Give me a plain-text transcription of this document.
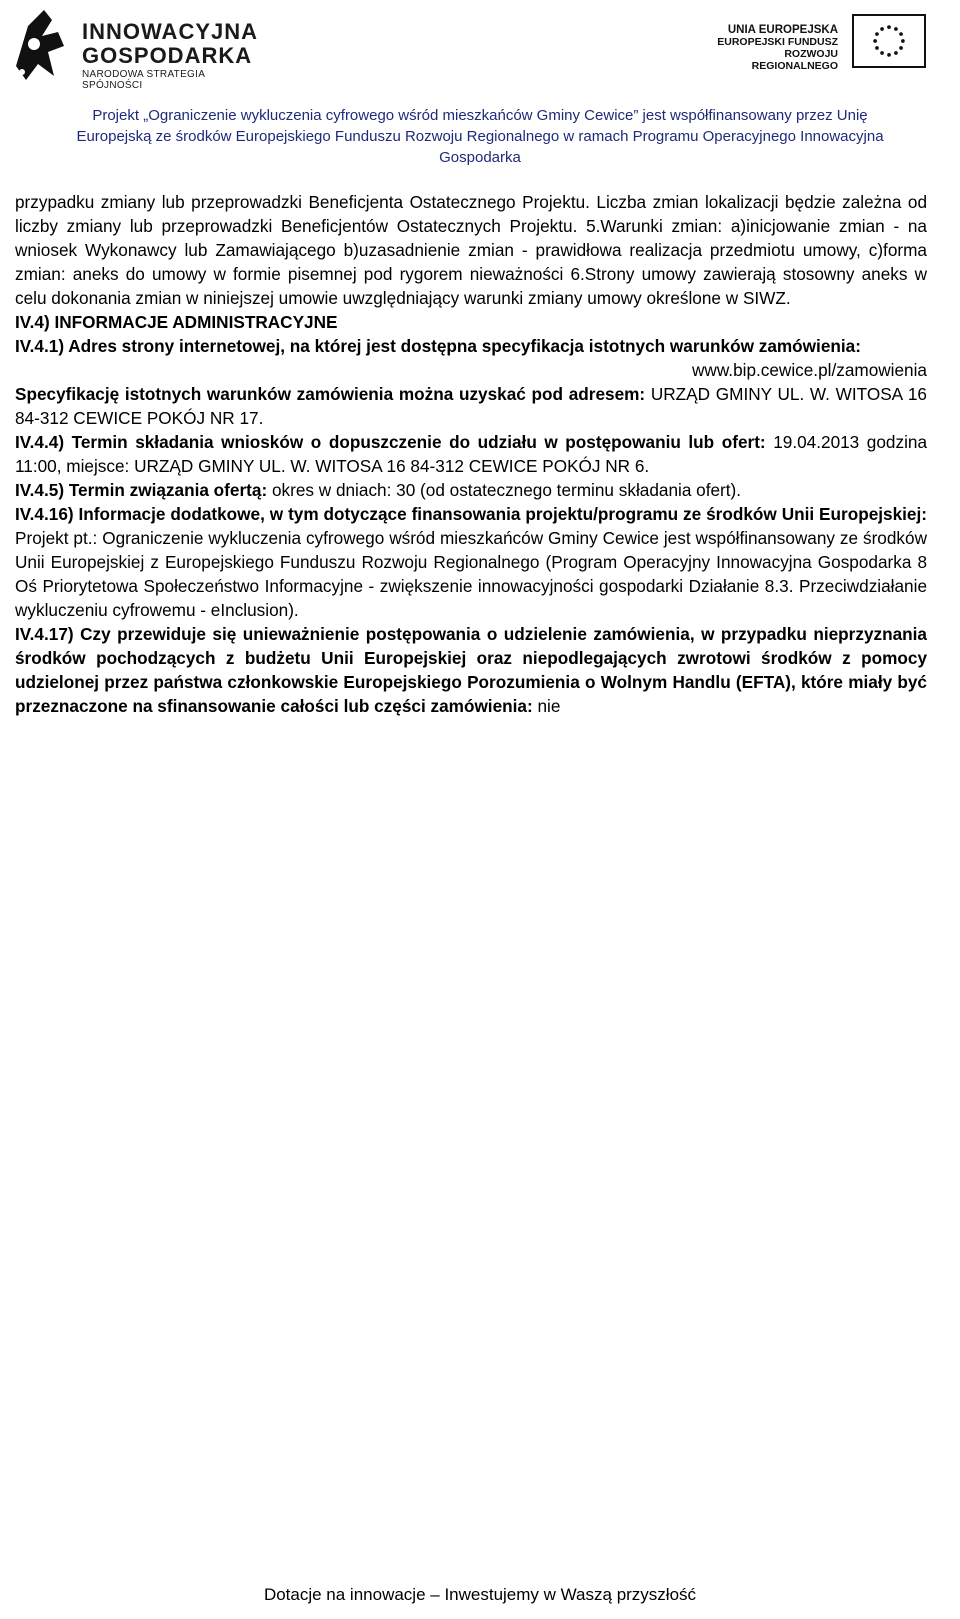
INNOWACYJNA
GOSPODARKA
NARODOWA STRATEGIA SPÓJNOŚCI
UNIA EUROPEJSKA
EUROPEJSKI FUNDUSZ
ROZWOJU REGIONALNEGO
Projekt „Ograniczenie wykluczenia cyfrowego wśród mieszkańców Gminy Cewice” jest współfinansowany przez Unię
Europejską ze środków Europejskiego Funduszu Rozwoju Regionalnego w ramach Programu Operacyjnego Innowacyjna
Gospodarka

przypadku zmiany lub przeprowadzki Beneficjenta Ostatecznego Projektu. Liczba zmian lokalizacji będzie zależna od liczby zmiany lub przeprowadzki Beneficjentów Ostatecznych Projektu. 5.Warunki zmian: a)inicjowanie zmian - na wniosek Wykonawcy lub Zamawiającego b)uzasadnienie zmian - prawidłowa realizacja przedmiotu umowy, c)forma zmian: aneks do umowy w formie pisemnej pod rygorem nieważności 6.Strony umowy zawierają stosowny aneks w celu dokonania zmian w niniejszej umowie uwzględniający warunki zmiany umowy określone w SIWZ.

IV.4) INFORMACJE ADMINISTRACYJNE

IV.4.1) Adres strony internetowej, na której jest dostępna specyfikacja istotnych warunków zamówienia:
www.bip.cewice.pl/zamowienia

Specyfikację istotnych warunków zamówienia można uzyskać pod adresem: URZĄD GMINY UL. W. WITOSA 16 84-312 CEWICE POKÓJ NR 17.

IV.4.4) Termin składania wniosków o dopuszczenie do udziału w postępowaniu lub ofert: 19.04.2013 godzina 11:00, miejsce: URZĄD GMINY UL. W. WITOSA 16 84-312 CEWICE POKÓJ NR 6.

IV.4.5) Termin związania ofertą: okres w dniach: 30 (od ostatecznego terminu składania ofert).

IV.4.16) Informacje dodatkowe, w tym dotyczące finansowania projektu/programu ze środków Unii Europejskiej: Projekt pt.: Ograniczenie wykluczenia cyfrowego wśród mieszkańców Gminy Cewice jest współfinansowany ze środków Unii Europejskiej z Europejskiego Funduszu Rozwoju Regionalnego (Program Operacyjny Innowacyjna Gospodarka 8 Oś Priorytetowa Społeczeństwo Informacyjne - zwiększenie innowacyjności gospodarki Działanie 8.3. Przeciwdziałanie wykluczeniu cyfrowemu - eInclusion).

IV.4.17) Czy przewiduje się unieważnienie postępowania o udzielenie zamówienia, w przypadku nieprzyznania środków pochodzących z budżetu Unii Europejskiej oraz niepodlegających zwrotowi środków z pomocy udzielonej przez państwa członkowskie Europejskiego Porozumienia o Wolnym Handlu (EFTA), które miały być przeznaczone na sfinansowanie całości lub części zamówienia: nie

Dotacje na innowacje – Inwestujemy w Waszą przyszłość
